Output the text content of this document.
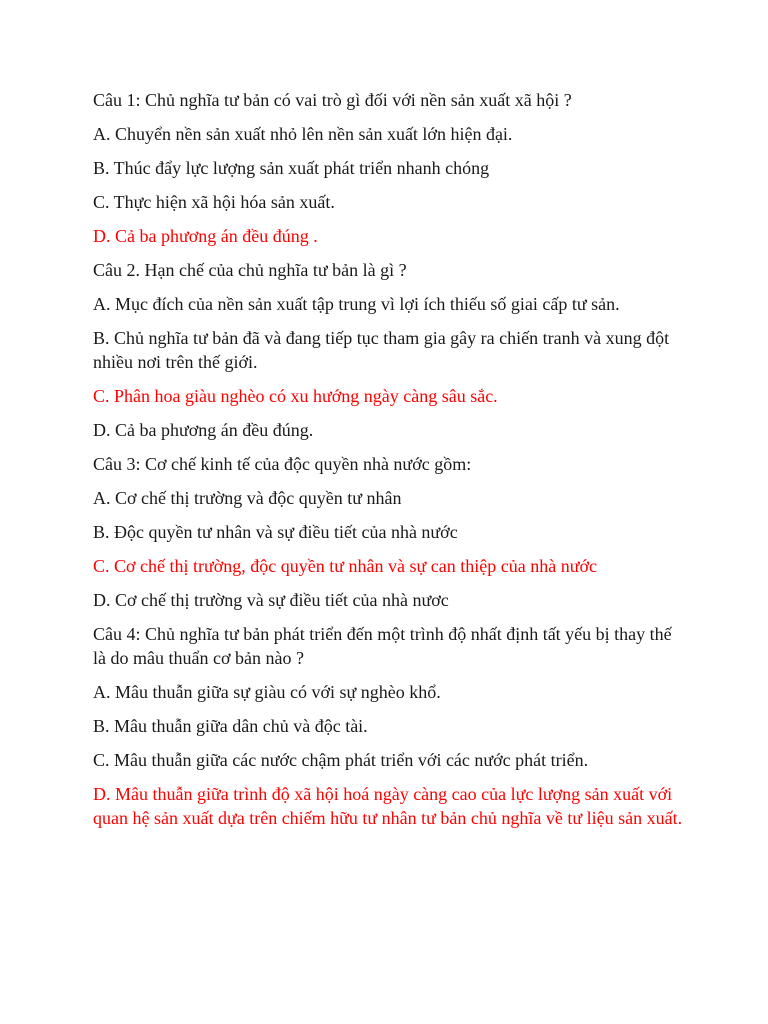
Câu 1: Chủ nghĩa tư bản có vai trò gì đối với nền sản xuất xã hội ?

A. Chuyển nền sản xuất nhỏ lên nền sản xuất lớn hiện đại.

B. Thúc đẩy lực lượng sản xuất phát triển nhanh chóng

C. Thực hiện xã hội hóa sản xuất.

D. Cả ba phương án đều đúng .

Câu 2. Hạn chế của chủ nghĩa tư bản là gì ?

A. Mục đích của nền sản xuất tập trung vì lợi ích thiếu số giai cấp tư sản.

B. Chủ nghĩa tư bản đã và đang tiếp tục tham gia gây ra chiến tranh và xung đột nhiều nơi trên thế giới.

C. Phân hoa giàu nghèo có xu hướng ngày càng sâu sắc.

D. Cả ba phương án đều đúng.

Câu 3: Cơ chế kinh tế của độc quyền nhà nước gồm:

A. Cơ chế thị trường và độc quyền tư nhân

B. Độc quyền tư nhân và sự điều tiết của nhà nước

C. Cơ chế thị trường, độc quyền tư nhân và sự can thiệp của nhà nước

D. Cơ chế thị trường và sự điều tiết của nhà nươc

Câu 4: Chủ nghĩa tư bản phát triển đến một trình độ nhất định tất yếu bị thay thế là do mâu thuẩn cơ bản nào ?

A. Mâu thuẫn giữa sự giàu có với sự nghèo khổ.

B. Mâu thuẫn giữa dân chủ và độc tài.

C. Mâu thuẫn giữa các nước chậm phát triển với các nước phát triển.

D. Mâu thuẫn giữa trình độ xã hội hoá ngày càng cao của lực lượng sản xuất với quan hệ sản xuất dựa trên chiếm hữu tư nhân tư bản chủ nghĩa về tư liệu sản xuất.
